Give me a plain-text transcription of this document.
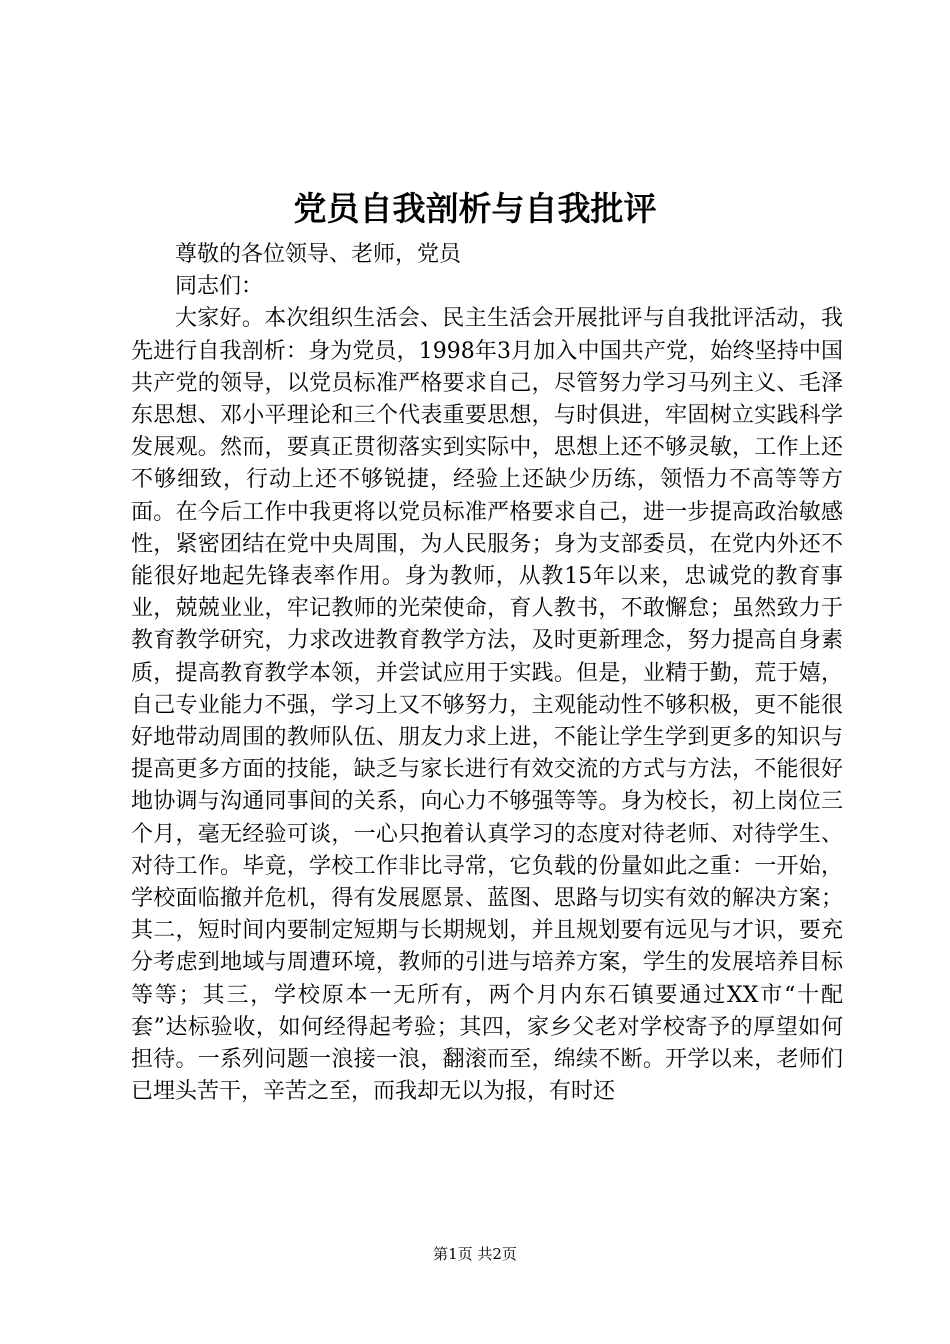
党员自我剖析与自我批评

尊敬的各位领导、老师，党员

同志们：

大家好。本次组织生活会、民主生活会开展批评与自我批评活动，我先进行自我剖析：身为党员，1998年3月加入中国共产党，始终坚持中国共产党的领导，以党员标准严格要求自己，尽管努力学习马列主义、毛泽东思想、邓小平理论和三个代表重要思想，与时俱进，牢固树立实践科学发展观。然而，要真正贯彻落实到实际中，思想上还不够灵敏，工作上还不够细致，行动上还不够锐捷，经验上还缺少历练，领悟力不高等等方面。在今后工作中我更将以党员标准严格要求自己，进一步提高政治敏感性，紧密团结在党中央周围，为人民服务；身为支部委员，在党内外还不能很好地起先锋表率作用。身为教师，从教15年以来，忠诚党的教育事业，兢兢业业，牢记教师的光荣使命，育人教书，不敢懈怠；虽然致力于教育教学研究，力求改进教育教学方法，及时更新理念，努力提高自身素质，提高教育教学本领，并尝试应用于实践。但是，业精于勤，荒于嬉，自己专业能力不强，学习上又不够努力，主观能动性不够积极，更不能很好地带动周围的教师队伍、朋友力求上进，不能让学生学到更多的知识与提高更多方面的技能，缺乏与家长进行有效交流的方式与方法，不能很好地协调与沟通同事间的关系，向心力不够强等等。身为校长，初上岗位三个月，毫无经验可谈，一心只抱着认真学习的态度对待老师、对待学生、对待工作。毕竟，学校工作非比寻常，它负载的份量如此之重：一开始，学校面临撤并危机，得有发展愿景、蓝图、思路与切实有效的解决方案；其二，短时间内要制定短期与长期规划，并且规划要有远见与才识，要充分考虑到地域与周遭环境，教师的引进与培养方案，学生的发展培养目标等等；其三，学校原本一无所有，两个月内东石镇要通过XX市“十配套”达标验收，如何经得起考验；其四，家乡父老对学校寄予的厚望如何担待。一系列问题一浪接一浪，翻滚而至，绵续不断。开学以来，老师们已埋头苦干，辛苦之至，而我却无以为报，有时还

第1页 共2页
